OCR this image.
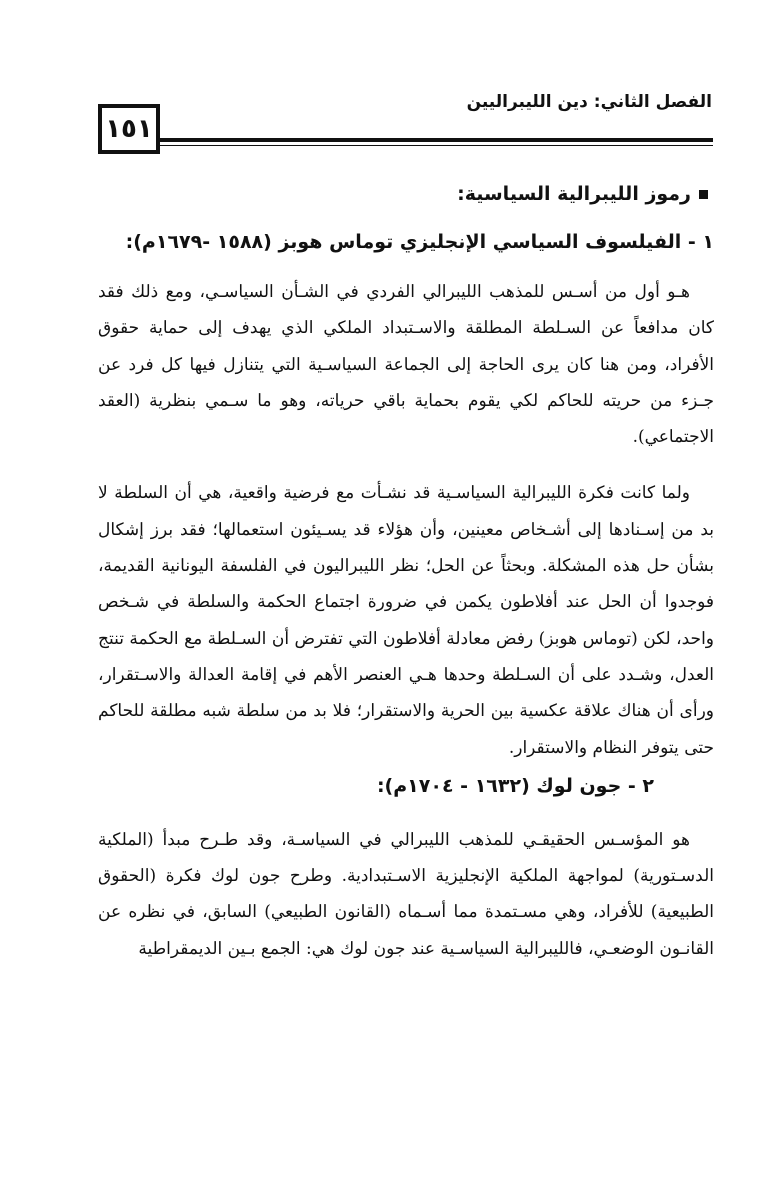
١٥١
الفصل الثاني: دين الليبراليين
رموز الليبرالية السياسية:
١ - الفيلسوف السياسي الإنجليزي توماس هوبز (١٥٨٨ -١٦٧٩م):

هـو أول من أسـس للمذهب الليبرالي الفردي في الشـأن السياسـي، ومع ذلك فقد كان مدافعاً عن السـلطة المطلقة والاسـتبداد الملكي الذي يهدف إلى حماية حقوق الأفراد، ومن هنا كان يرى الحاجة إلى الجماعة السياسـية التي يتنازل فيها كل فرد عن جـزء من حريته للحاكم لكي يقوم بحماية باقي حرياته، وهو ما سـمي بنظرية (العقد الاجتماعي).

ولما كانت فكرة الليبرالية السياسـية قد نشـأت مع فرضية واقعية، هي أن السلطة لا بد من إسـنادها إلى أشـخاص معينين، وأن هؤلاء قد يسـيئون استعمالها؛ فقد برز إشكال بشأن حل هذه المشكلة. وبحثاً عن الحل؛ نظر الليبراليون في الفلسفة اليونانية القديمة، فوجدوا أن الحل عند أفلاطون يكمن في ضرورة اجتماع الحكمة والسلطة في شـخص واحد، لكن (توماس هوبز) رفض معادلة أفلاطون التي تفترض أن السـلطة مع الحكمة تنتج العدل، وشـدد على أن السـلطة وحدها هـي العنصر الأهم في إقامة العدالة والاسـتقرار، ورأى أن هناك علاقة عكسية بين الحرية والاستقرار؛ فلا بد من سلطة شبه مطلقة للحاكم حتى يتوفر النظام والاستقرار.

٢ - جون لوك (١٦٣٢ - ١٧٠٤م):

هو المؤسـس الحقيقـي للمذهب الليبرالي في السياسـة، وقد طـرح مبدأ (الملكية الدسـتورية) لمواجهة الملكية الإنجليزية الاسـتبدادية. وطرح جون لوك فكرة (الحقوق الطبيعية) للأفراد، وهي مسـتمدة مما أسـماه (القانون الطبيعي) السابق، في نظره عن القانـون الوضعـي، فالليبرالية السياسـية عند جون لوك هي: الجمع بـين الديمقراطية
